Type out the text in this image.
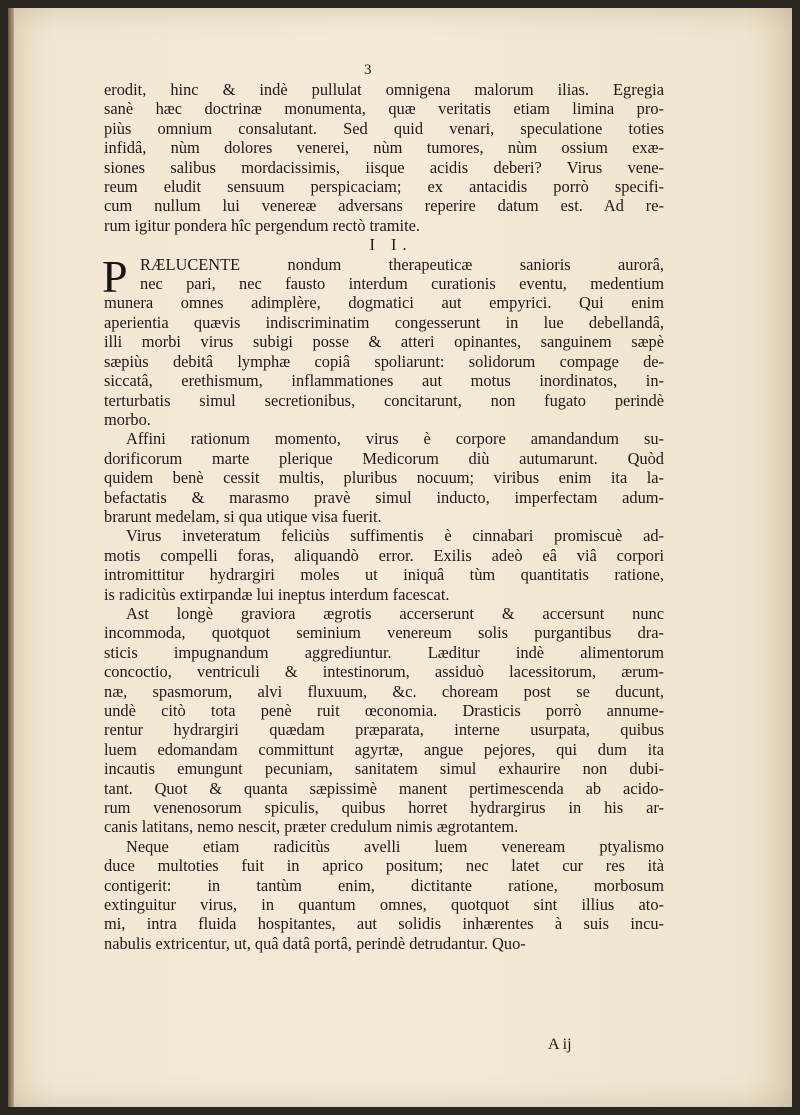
3
erodit, hinc & indè pullulat omnigena malorum ilias. Egregia
sanè hæc doctrinæ monumenta, quæ veritatis etiam limina pro-
piùs omnium consalutant. Sed quid venari, speculatione toties
infidâ, nùm dolores venerei, nùm tumores, nùm ossium exæ-
siones salibus mordacissimis, iisque acidis deberi? Virus vene-
reum eludit sensuum perspicaciam; ex antacidis porrò specifi-
cum nullum lui venereæ adversans reperire datum est. Ad re-
rum igitur pondera hîc pergendum rectò tramite.
I I.
P RÆLUCENTE nondum therapeuticæ sanioris aurorâ,
nec pari, nec fausto interdum curationis eventu, medentium
munera omnes adimplère, dogmatici aut empyrici. Qui enim
aperientia quævis indiscriminatim congesserunt in lue debellandâ,
illi morbi virus subigi posse & atteri opinantes, sanguinem sæpè
sæpiùs debitâ lymphæ copiâ spoliarunt: solidorum compage de-
siccatâ, erethismum, inflammationes aut motus inordinatos, in-
terturbatis simul secretionibus, concitarunt, non fugato perindè
morbo.
Affini rationum momento, virus è corpore amandandum su-
dorificorum marte plerique Medicorum diù autumarunt. Quòd
quidem benè cessit multis, pluribus nocuum; viribus enim ita la-
befactatis & marasmo pravè simul inducto, imperfectam adum-
brarunt medelam, si qua utique visa fuerit.
Virus inveteratum feliciùs suffimentis è cinnabari promiscuè ad-
motis compelli foras, aliquandò error. Exilis adeò eâ viâ corpori
intromittitur hydrargiri moles ut iniquâ tùm quantitatis ratione,
is radicitùs extirpandæ lui ineptus interdum facescat.
Ast longè graviora ægrotis accerserunt & accersunt nunc
incommoda, quotquot seminium venereum solis purgantibus dra-
sticis impugnandum aggrediuntur. Læditur indè alimentorum
concoctio, ventriculi & intestinorum, assiduò lacessitorum, ærum-
næ, spasmorum, alvi fluxuum, &c. choream post se ducunt,
undè citò tota penè ruit œconomia. Drasticis porrò annume-
rentur hydrargiri quædam præparata, interne usurpata, quibus
luem edomandam committunt agyrtæ, angue pejores, qui dum ita
incautis emungunt pecuniam, sanitatem simul exhaurire non dubi-
tant. Quot & quanta sæpissimè manent pertimescenda ab acido-
rum venenosorum spiculis, quibus horret hydrargirus in his ar-
canis latitans, nemo nescit, præter credulum nimis ægrotantem.
Neque etiam radicitùs avelli luem veneream ptyalismo
duce multoties fuit in aprico positum; nec latet cur res ità
contigerit: in tantùm enim, dictitante ratione, morbosum
extinguitur virus, in quantum omnes, quotquot sint illius ato-
mi, intra fluida hospitantes, aut solidis inhærentes à suis incu-
nabulis extricentur, ut, quâ datâ portâ, perindè detrudantur. Quo-
A ij
